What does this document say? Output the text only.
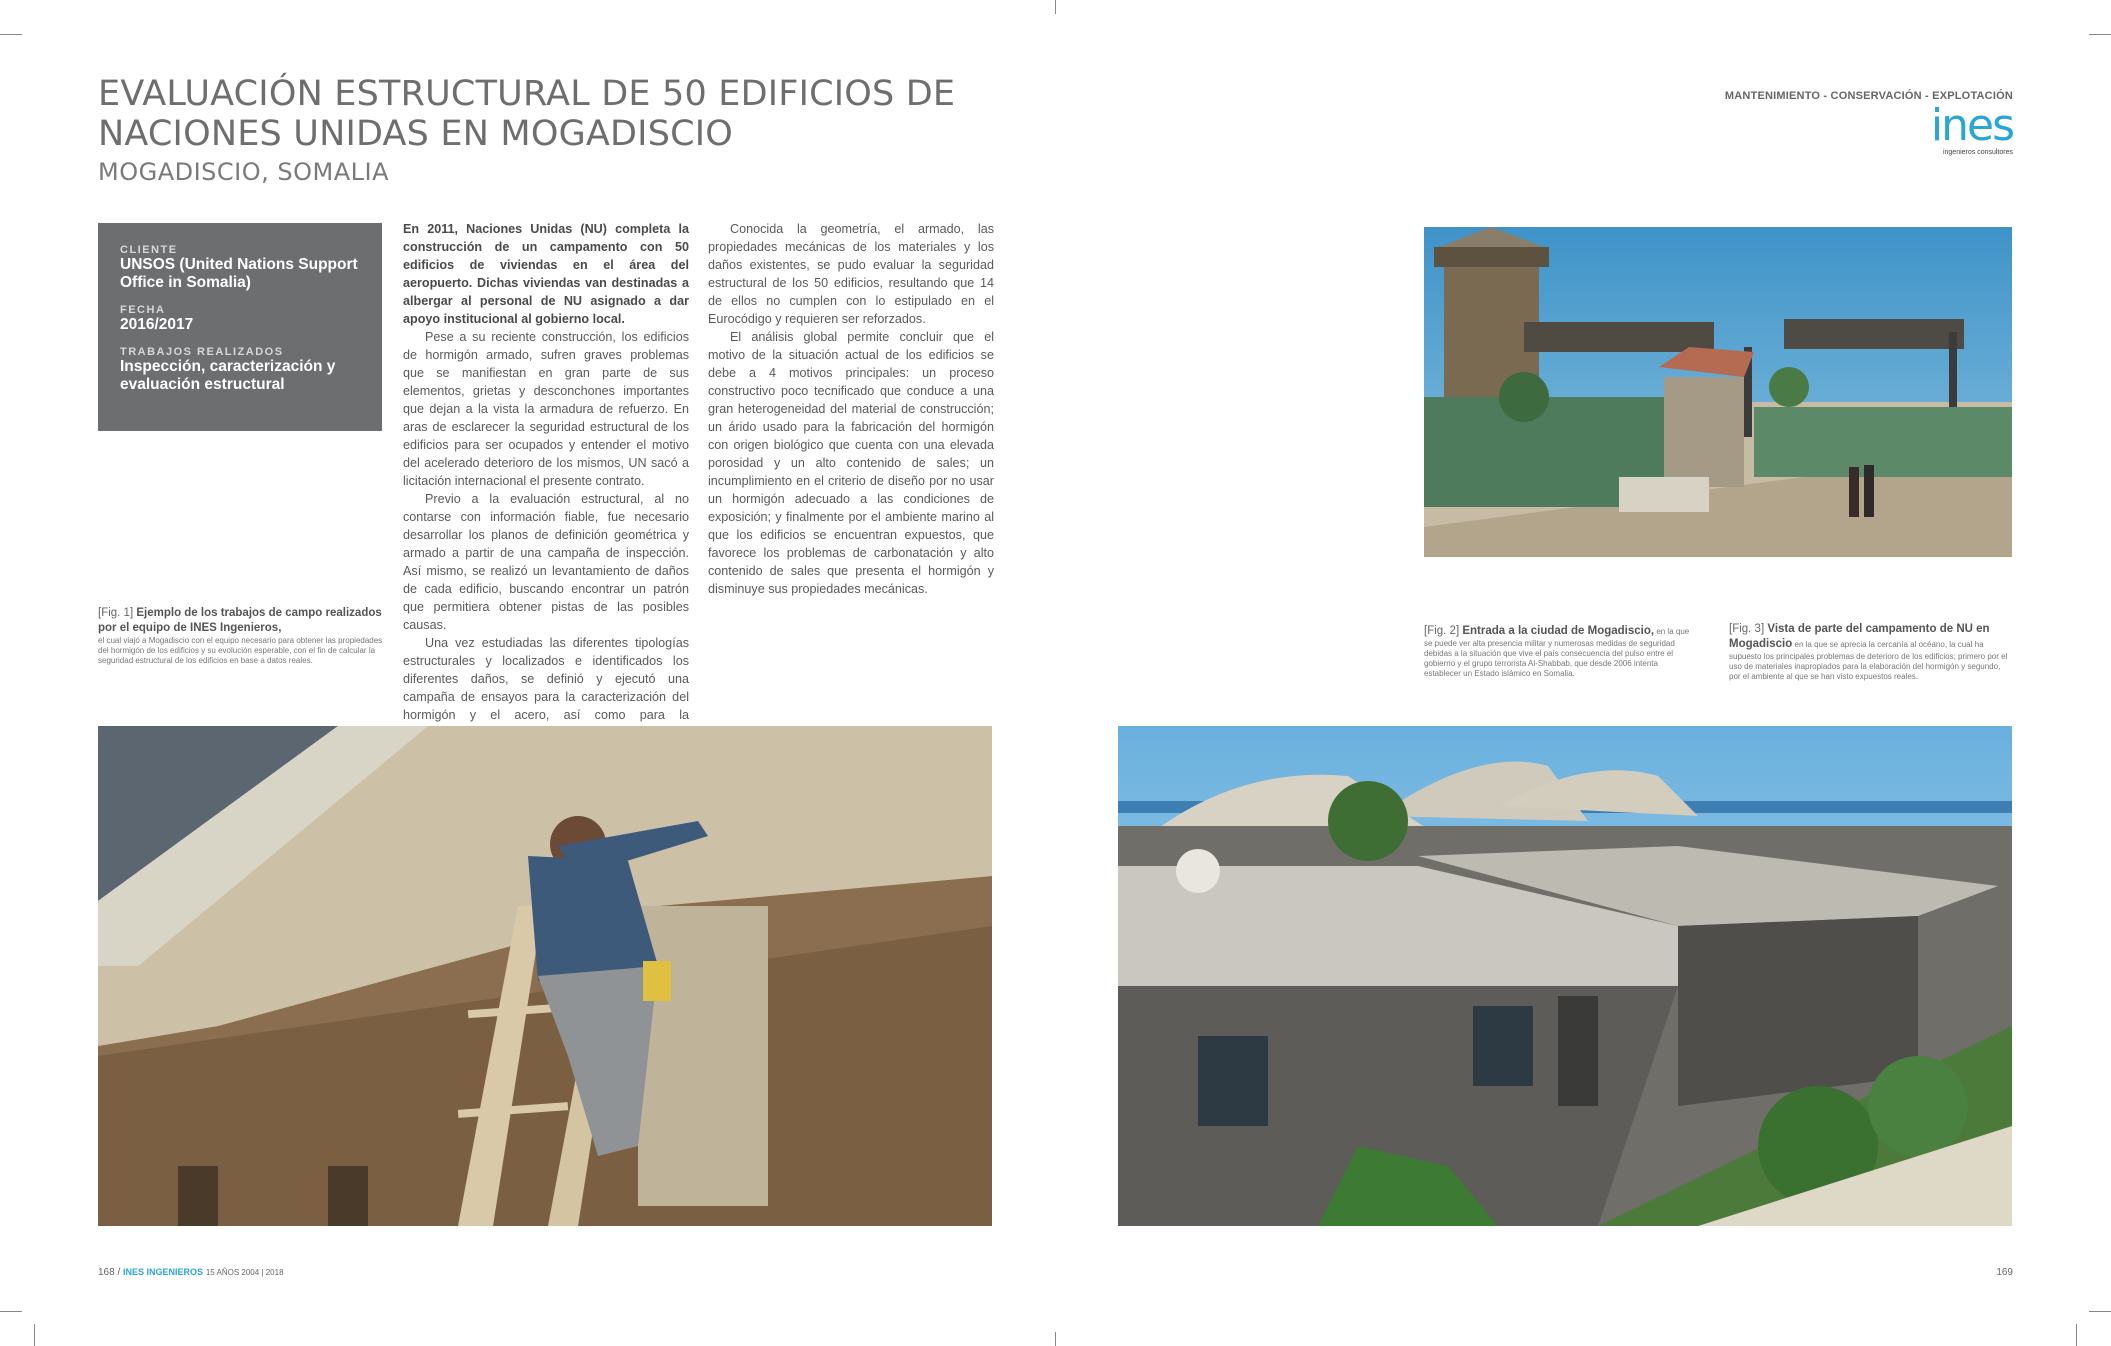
EVALUACIÓN ESTRUCTURAL DE 50 EDIFICIOS DE
NACIONES UNIDAS EN MOGADISCIO
MOGADISCIO, SOMALIA
MANTENIMIENTO - CONSERVACIÓN - EXPLOTACIÓN
ines
ingenieros consultores
CLIENTE
UNSOS (United Nations Support Office in Somalia)
FECHA
2016/2017
TRABAJOS REALIZADOS
Inspección, caracterización y evaluación estructural
[Fig. 1] Ejemplo de los trabajos de campo realizados por el equipo de INES Ingenieros,
el cual viajó a Mogadiscio con el equipo necesario para obtener las propiedades del hormigón de los edificios y su evolución esperable, con el fin de calcular la seguridad estructural de los edificios en base a datos reales.

En 2011, Naciones Unidas (NU) completa la construcción de un campamento con 50 edificios de viviendas en el área del aeropuerto. Dichas viviendas van destinadas a albergar al personal de NU asignado a dar apoyo institucional al gobierno local.

Pese a su reciente construcción, los edificios de hormigón armado, sufren graves problemas que se manifiestan en gran parte de sus elementos, grietas y desconchones importantes que dejan a la vista la armadura de refuerzo. En aras de esclarecer la seguridad estructural de los edificios para ser ocupados y entender el motivo del acelerado deterioro de los mismos, UN sacó a licitación internacional el presente contrato.

Previo a la evaluación estructural, al no contarse con información fiable, fue necesario desarrollar los planos de definición geométrica y armado a partir de una campaña de inspección. Así mismo, se realizó un levantamiento de daños de cada edificio, buscando encontrar un patrón que permitiera obtener pistas de las posibles causas.

Una vez estudiadas las diferentes tipologías estructurales y localizados e identificados los diferentes daños, se definió y ejecutó una campaña de ensayos para la caracterización del hormigón y el acero, así como para la

Conocida la geometría, el armado, las propiedades mecánicas de los materiales y los daños existentes, se pudo evaluar la seguridad estructural de los 50 edificios, resultando que 14 de ellos no cumplen con lo estipulado en el Eurocódigo y requieren ser reforzados.

El análisis global permite concluir que el motivo de la situación actual de los edificios se debe a 4 motivos principales: un proceso constructivo poco tecnificado que conduce a una gran heterogeneidad del material de construcción; un árido usado para la fabricación del hormigón con origen biológico que cuenta con una elevada porosidad y un alto contenido de sales; un incumplimiento en el criterio de diseño por no usar un hormigón adecuado a las condiciones de exposición; y finalmente por el ambiente marino al que los edificios se encuentran expuestos, que favorece los problemas de carbonatación y alto contenido de sales que presenta el hormigón y disminuye sus propiedades mecánicas.

[Fig. 2] Entrada a la ciudad de Mogadiscio, en la que se puede ver alta presencia militar y numerosas medidas de seguridad debidas a la situación que vive el país consecuencia del pulso entre el gobierno y el grupo terrorista Al-Shabbab, que desde 2006 intenta establecer un Estado islámico en Somalia.
[Fig. 3] Vista de parte del campamento de NU en Mogadiscio en la que se aprecia la cercanía al océano, la cual ha supuesto los principales problemas de deterioro de los edificios; primero por el uso de materiales inapropiados para la elaboración del hormigón y segundo, por el ambiente al que se han visto expuestos reales.
168 / INES INGENIEROS 15 AÑOS 2004 | 2018	169
